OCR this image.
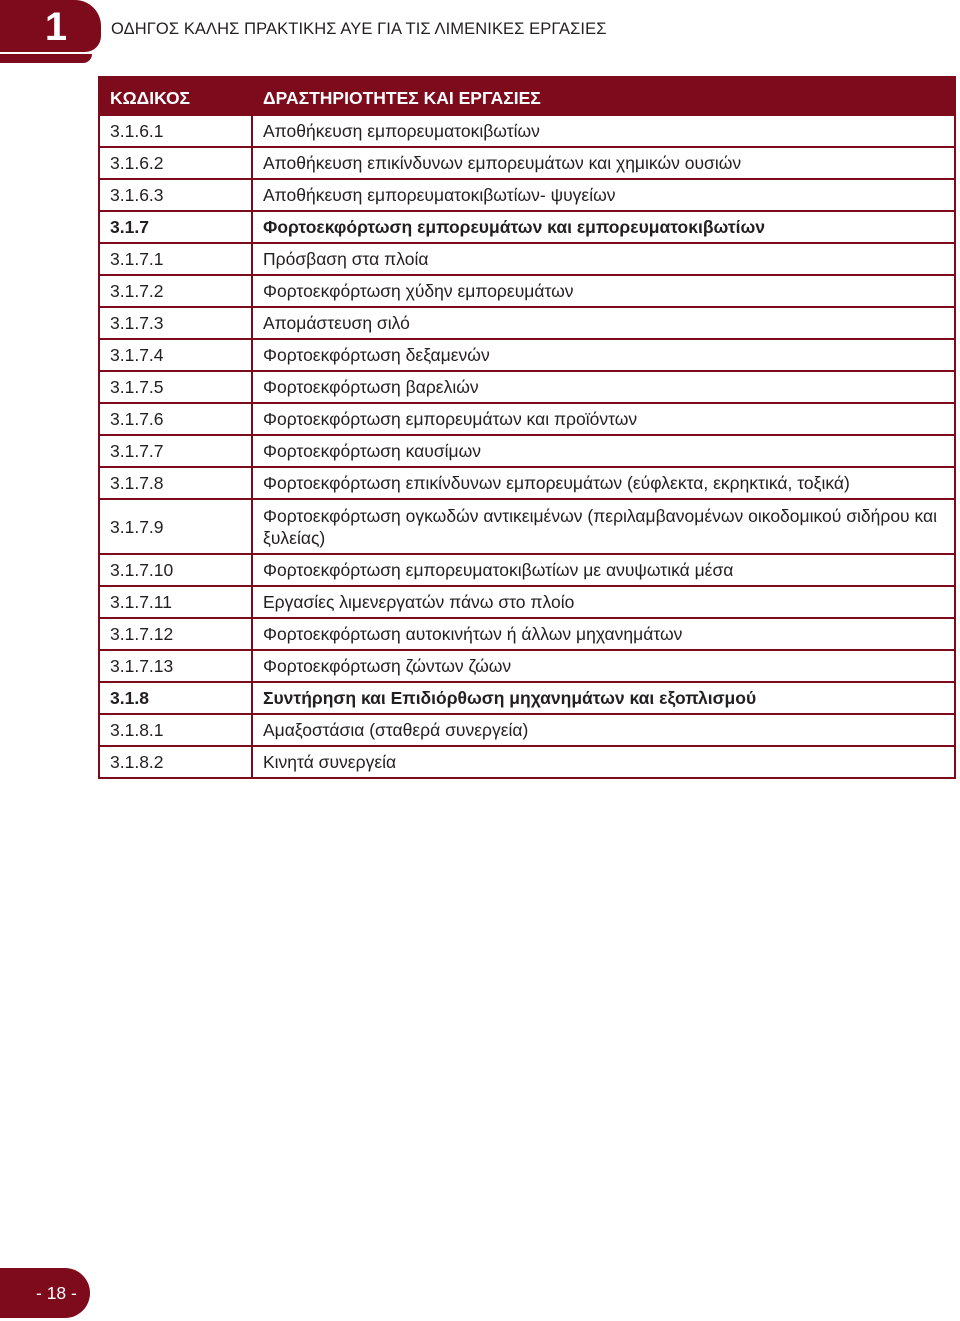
1	ΟΔΗΓΟΣ ΚΑΛΗΣ ΠΡΑΚΤΙΚΗΣ ΑΥΕ ΓΙΑ ΤΙΣ ΛΙΜΕΝΙΚΕΣ ΕΡΓΑΣΙΕΣ
ΚΩΔΙΚΟΣ	ΔΡΑΣΤΗΡΙΟΤΗΤΕΣ ΚΑΙ ΕΡΓΑΣΙΕΣ
3.1.6.1	Αποθήκευση εμπορευματοκιβωτίων
3.1.6.2	Αποθήκευση επικίνδυνων εμπορευμάτων και χημικών ουσιών
3.1.6.3	Αποθήκευση εμπορευματοκιβωτίων- ψυγείων
3.1.7	Φορτοεκφόρτωση εμπορευμάτων και εμπορευματοκιβωτίων
3.1.7.1	Πρόσβαση στα πλοία
3.1.7.2	Φορτοεκφόρτωση χύδην εμπορευμάτων
3.1.7.3	Απομάστευση σιλό
3.1.7.4	Φορτοεκφόρτωση δεξαμενών
3.1.7.5	Φορτοεκφόρτωση βαρελιών
3.1.7.6	Φορτοεκφόρτωση εμπορευμάτων και προϊόντων
3.1.7.7	Φορτοεκφόρτωση καυσίμων
3.1.7.8	Φορτοεκφόρτωση επικίνδυνων εμπορευμάτων (εύφλεκτα, εκρηκτικά, τοξικά)
3.1.7.9	Φορτοεκφόρτωση ογκωδών αντικειμένων (περιλαμβανομένων οικοδομικού σιδήρου και ξυλείας)
3.1.7.10	Φορτοεκφόρτωση εμπορευματοκιβωτίων με ανυψωτικά μέσα
3.1.7.11	Εργασίες λιμενεργατών πάνω στο πλοίο
3.1.7.12	Φορτοεκφόρτωση αυτοκινήτων ή άλλων μηχανημάτων
3.1.7.13	Φορτοεκφόρτωση ζώντων ζώων
3.1.8	Συντήρηση και Επιδιόρθωση μηχανημάτων και εξοπλισμού
3.1.8.1	Αμαξοστάσια (σταθερά συνεργεία)
3.1.8.2	Κινητά συνεργεία
- 18 -
